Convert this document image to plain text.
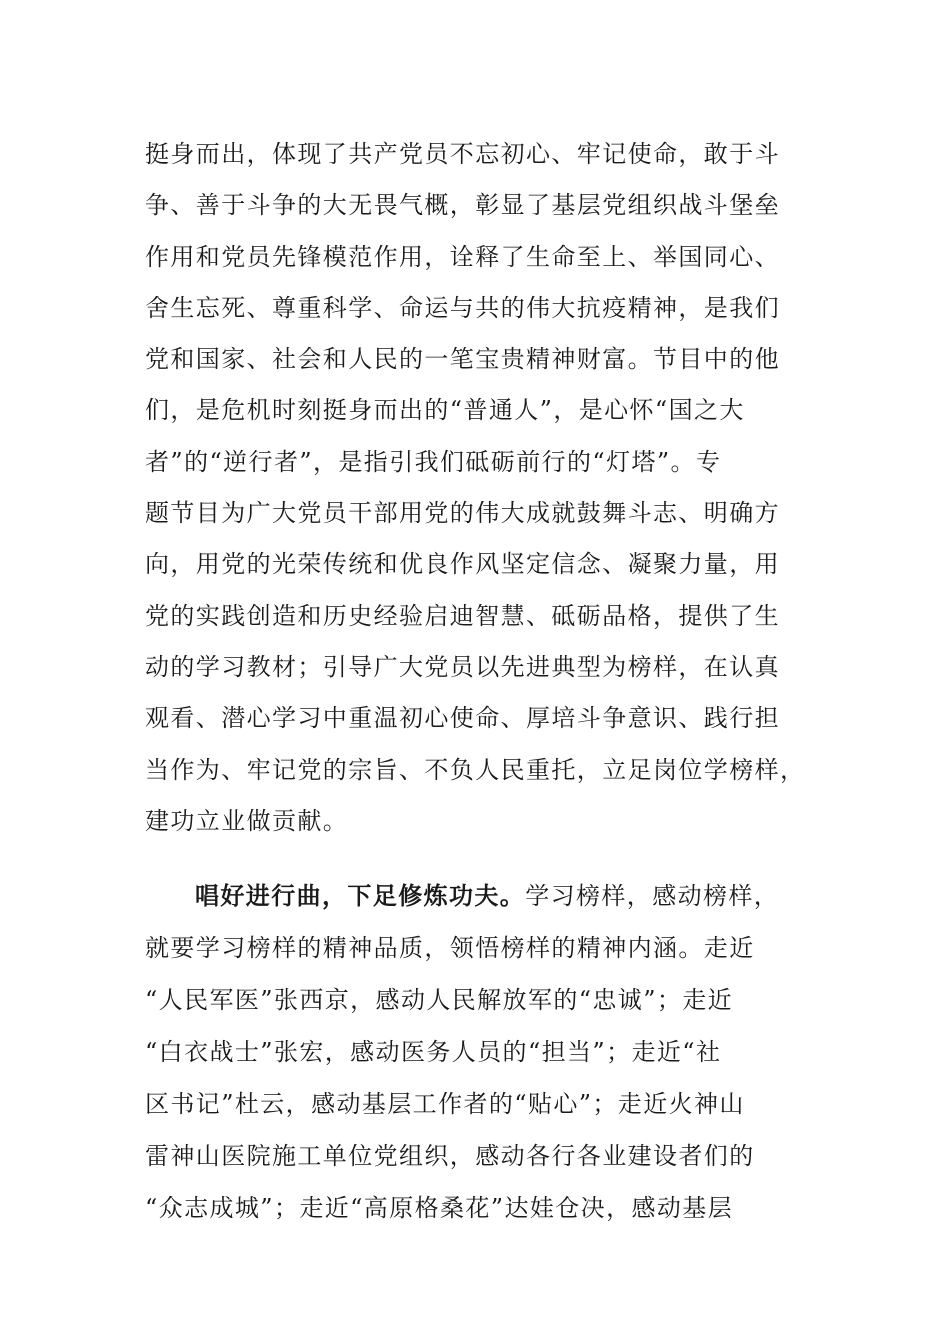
挺身而出，体现了共产党员不忘初心、牢记使命，敢于斗
争、善于斗争的大无畏气概，彰显了基层党组织战斗堡垒
作用和党员先锋模范作用，诠释了生命至上、举国同心、
舍生忘死、尊重科学、命运与共的伟大抗疫精神，是我们
党和国家、社会和人民的一笔宝贵精神财富。节目中的他
们，是危机时刻挺身而出的“普通人”，是心怀“国之大
者”的“逆行者”，是指引我们砥砺前行的“灯塔”。专
题节目为广大党员干部用党的伟大成就鼓舞斗志、明确方
向，用党的光荣传统和优良作风坚定信念、凝聚力量，用
党的实践创造和历史经验启迪智慧、砥砺品格，提供了生
动的学习教材；引导广大党员以先进典型为榜样，在认真
观看、潜心学习中重温初心使命、厚培斗争意识、践行担
当作为、牢记党的宗旨、不负人民重托，立足岗位学榜样，
建功立业做贡献。
唱好进行曲，下足修炼功夫。学习榜样，感动榜样，
就要学习榜样的精神品质，领悟榜样的精神内涵。走近
“人民军医”张西京，感动人民解放军的“忠诚”；走近
“白衣战士”张宏，感动医务人员的“担当”；走近“社
区书记”杜云，感动基层工作者的“贴心”；走近火神山
雷神山医院施工单位党组织，感动各行各业建设者们的
“众志成城”；走近“高原格桑花”达娃仓决，感动基层
